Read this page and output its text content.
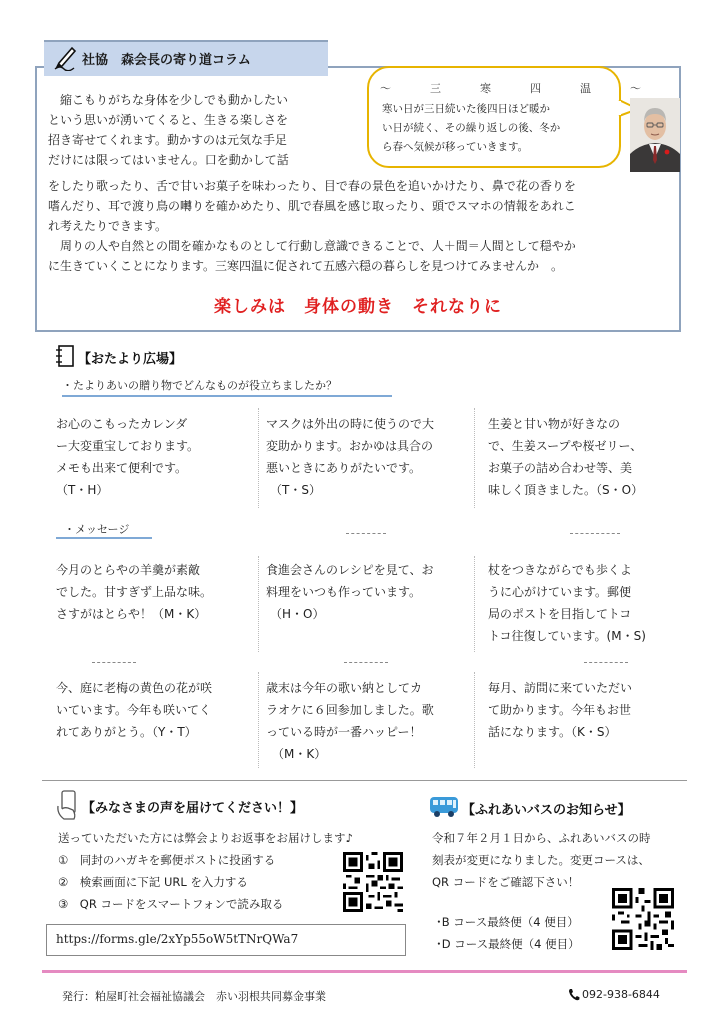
社協　森会長の寄り道コラム
　縮こもりがちな身体を少しでも動かしたい
という思いが湧いてくると、生きる楽しさを
招き寄せてくれます。動かすのは元気な手足
だけには限ってはいません。口を動かして話
をしたり歌ったり、舌で甘いお菓子を味わったり、目で春の景色を追いかけたり、鼻で花の香りを
嗜んだり、耳で渡り鳥の囀りを確かめたり、肌で春風を感じ取ったり、頭でスマホの情報をあれこ
れ考えたりできます。
　周りの人や自然との間を確かなものとして行動し意識できることで、人＋間＝人間として穏やか
に生きていくことになります。三寒四温に促されて五感六穏の暮らしを見つけてみませんか　。
～　三　寒　四　温　～
寒い日が三日続いた後四日ほど暖か
い日が続く、その繰り返しの後、冬か
ら春へ気候が移っていきます。
楽しみは　身体の動き　それなりに
【おたより広場】
・たよりあいの贈り物でどんなものが役立ちましたか？
お心のこもったカレンダ
ー大変重宝しております。
メモも出来て便利です。
（T・H）
マスクは外出の時に使うので大
変助かります。おかゆは具合の
悪いときにありがたいです。
（T・S）
生姜と甘い物が好きなの
で、生姜スープや桜ゼリー、
お菓子の詰め合わせ等、美
味しく頂きました。（S・O）
・メッセージ
今月のとらやの羊羹が素敵
でした。甘すぎず上品な味。
さすがはとらや！（M・K）
食進会さんのレシピを見て、お
料理をいつも作っています。
（H・O）
杖をつきながらでも歩くよ
うに心がけています。郵便
局のポストを目指してトコ
トコ往復しています。(M・S)
今、庭に老梅の黄色の花が咲
いています。今年も咲いてく
れてありがとう。（Y・T）
歳末は今年の歌い納としてカ
ラオケに６回参加しました。歌
っている時が一番ハッピー！
（M・K）
毎月、訪問に来ていただい
て助かります。今年もお世
話になります。（K・S）
【みなさまの声を届けてください！】
送っていただいた方には弊会よりお返事をお届けします♪
①　同封のハガキを郵便ポストに投函する
②　検索画面に下記 URL を入力する
③　QR コードをスマートフォンで読み取る
https://forms.gle/2xYp55oW5tTNrQWa7
【ふれあいバスのお知らせ】
令和７年２月１日から、ふれあいバスの時
刻表が変更になりました。変更コースは、
QR コードをご確認下さい！
･B コース最終便（4 便目）
･D コース最終便（4 便目）
発行：粕屋町社会福祉協議会　赤い羽根共同募金事業	092-938-6844
